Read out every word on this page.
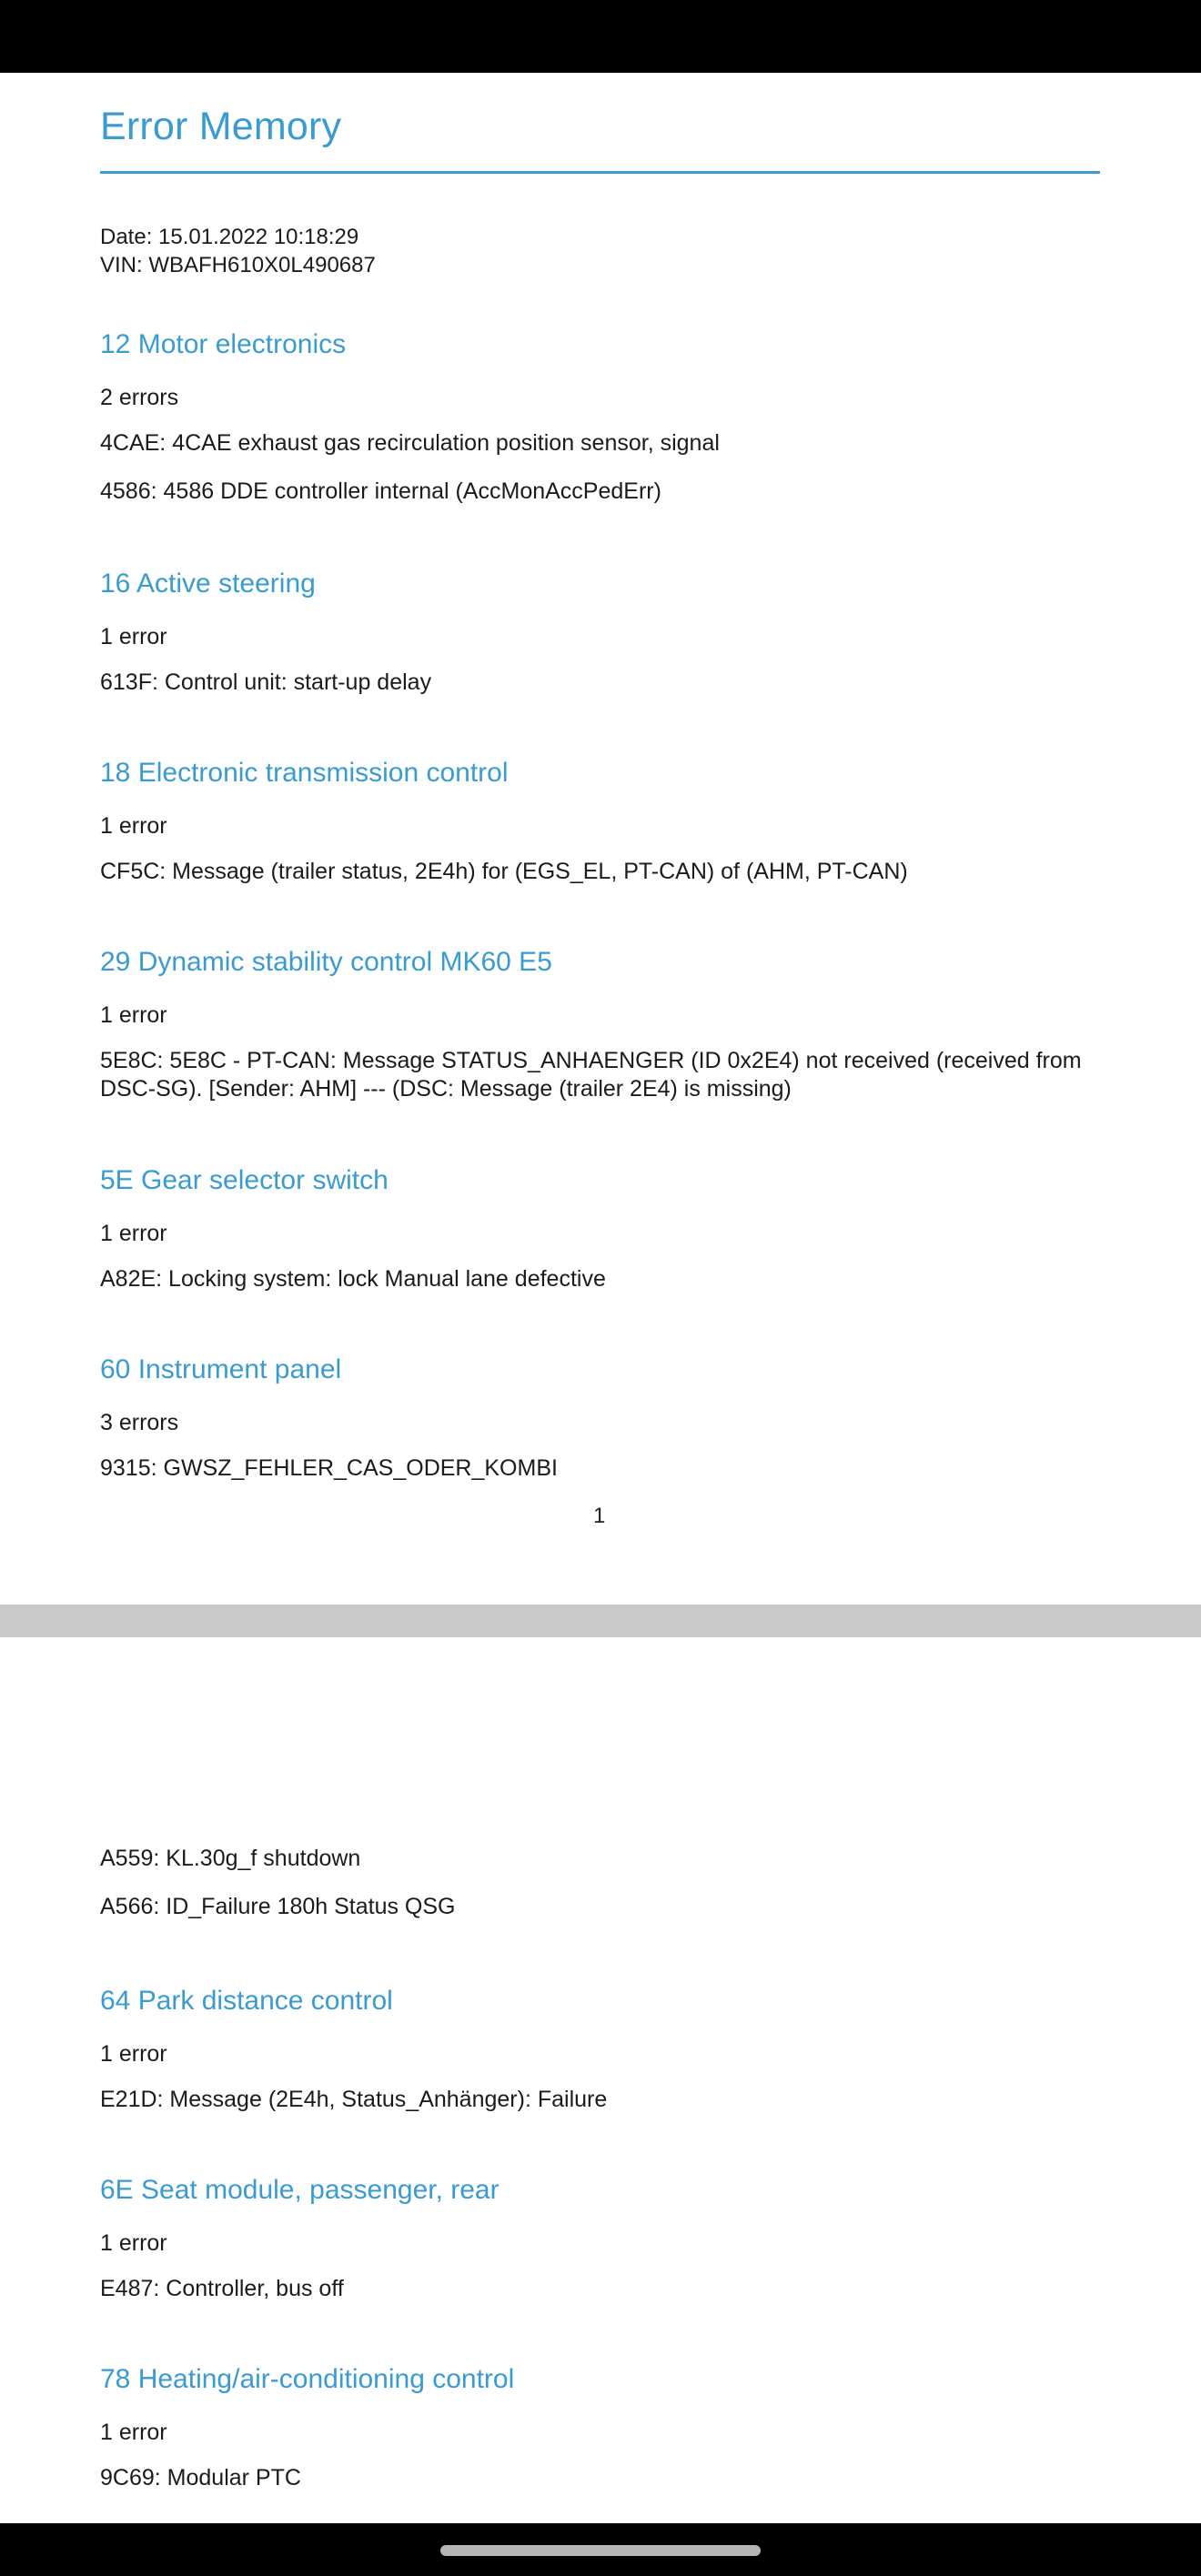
Error Memory
Date: 15.01.2022 10:18:29
VIN: WBAFH610X0L490687
12 Motor electronics
2 errors
4CAE: 4CAE exhaust gas recirculation position sensor, signal
4586: 4586 DDE controller internal (AccMonAccPedErr)
16 Active steering
1 error
613F: Control unit: start-up delay
18 Electronic transmission control
1 error
CF5C: Message (trailer status, 2E4h) for (EGS_EL, PT-CAN) of (AHM, PT-CAN)
29 Dynamic stability control MK60 E5
1 error
5E8C: 5E8C - PT-CAN: Message STATUS_ANHAENGER (ID 0x2E4) not received (received from DSC-SG). [Sender: AHM] --- (DSC: Message (trailer 2E4) is missing)
5E Gear selector switch
1 error
A82E: Locking system: lock Manual lane defective
60 Instrument panel
3 errors
9315: GWSZ_FEHLER_CAS_ODER_KOMBI
1
A559: KL.30g_f shutdown
A566: ID_Failure 180h Status QSG
64 Park distance control
1 error
E21D: Message (2E4h, Status_Anhänger): Failure
6E Seat module, passenger, rear
1 error
E487: Controller, bus off
78 Heating/air-conditioning control
1 error
9C69: Modular PTC
